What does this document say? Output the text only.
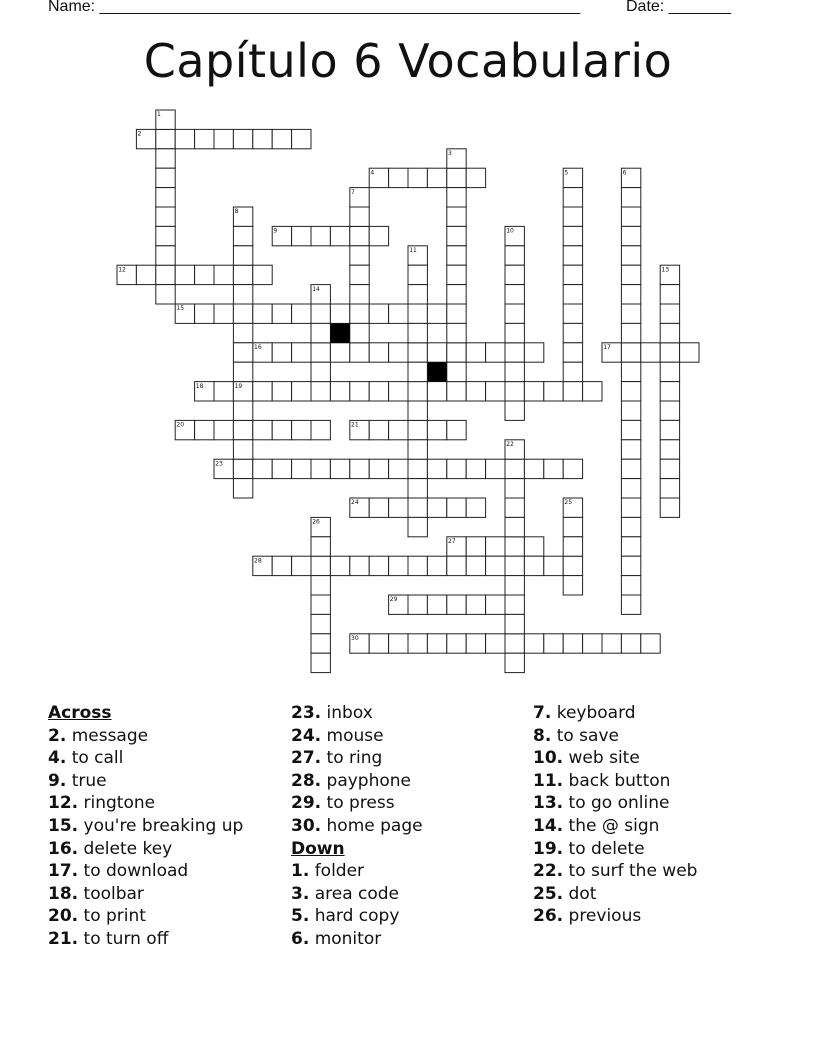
Name: ______________________________________________________	Date: _______
Capítulo 6 Vocabulario
2
4
9
12
15
16	17
18
20	21
23
24
27
28
29
30
1
3
5	6
7
8
10
11
13
14
19
22
25
26
Across
2. message
4. to call
9. true
12. ringtone
15. you're breaking up
16. delete key
17. to download
18. toolbar
20. to print
21. to turn off
23. inbox
24. mouse
27. to ring
28. payphone
29. to press
30. home page
Down
1. folder
3. area code
5. hard copy
6. monitor
7. keyboard
8. to save
10. web site
11. back button
13. to go online
14. the @ sign
19. to delete
22. to surf the web
25. dot
26. previous
